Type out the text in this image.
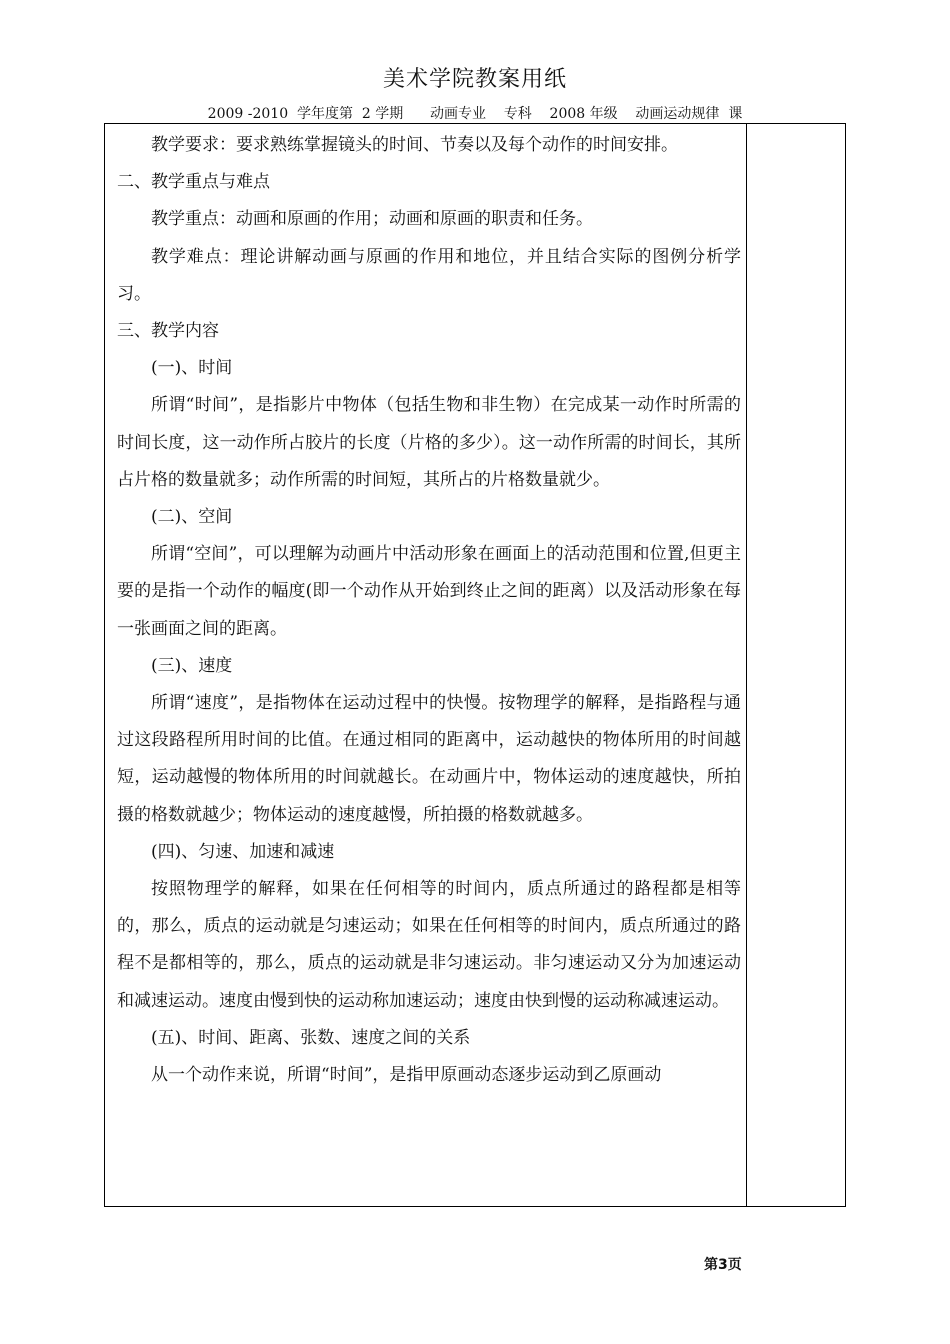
美术学院教案用纸
2009 -2010  学年度第  2 学期      动画专业    专科    2008 年级    动画运动规律  课

教学要求：要求熟练掌握镜头的时间、节奏以及每个动作的时间安排。

二、教学重点与难点

教学重点：动画和原画的作用；动画和原画的职责和任务。

教学难点：理论讲解动画与原画的作用和地位，并且结合实际的图例分析学习。

三、教学内容

(一)、时间

所谓“时间”，是指影片中物体（包括生物和非生物）在完成某一动作时所需的时间长度，这一动作所占胶片的长度（片格的多少）。这一动作所需的时间长，其所占片格的数量就多；动作所需的时间短，其所占的片格数量就少。

(二)、空间

所谓“空间”，可以理解为动画片中活动形象在画面上的活动范围和位置,但更主要的是指一个动作的幅度(即一个动作从开始到终止之间的距离）以及活动形象在每一张画面之间的距离。

(三)、速度

所谓“速度”，是指物体在运动过程中的快慢。按物理学的解释，是指路程与通过这段路程所用时间的比值。在通过相同的距离中，运动越快的物体所用的时间越短，运动越慢的物体所用的时间就越长。在动画片中，物体运动的速度越快，所拍摄的格数就越少；物体运动的速度越慢，所拍摄的格数就越多。

(四)、匀速、加速和减速

按照物理学的解释，如果在任何相等的时间内，质点所通过的路程都是相等的，那么，质点的运动就是匀速运动；如果在任何相等的时间内，质点所通过的路程不是都相等的，那么，质点的运动就是非匀速运动。非匀速运动又分为加速运动和减速运动。速度由慢到快的运动称加速运动；速度由快到慢的运动称减速运动。

(五)、时间、距离、张数、速度之间的关系

从一个动作来说，所谓“时间”，是指甲原画动态逐步运动到乙原画动

第3页
